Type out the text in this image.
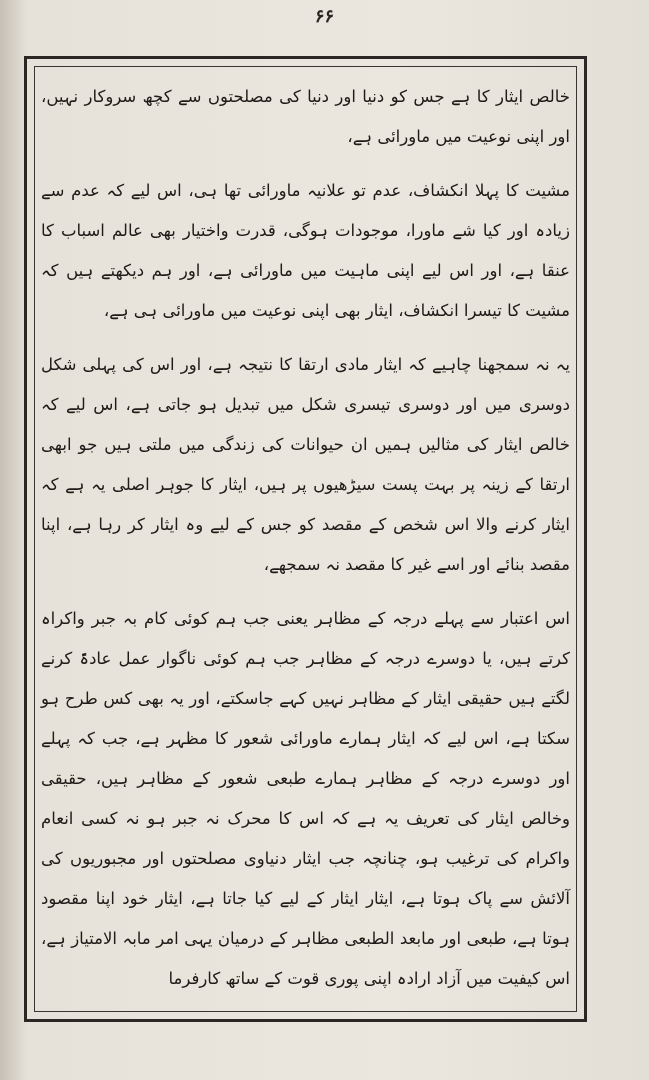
۶۶

خالص ایثار کا ہے جس کو دنیا اور دنیا کی مصلحتوں سے کچھ سروکار نہیں، اور اپنی نوعیت میں ماورائی ہے،

مشیت کا پہلا انکشاف، عدم تو علانیہ ماورائی تھا ہی، اس لیے کہ عدم سے زیادہ اور کیا شے ماورا، موجودات ہوگی، قدرت واختیار بھی عالم اسباب کا عنقا ہے، اور اس لیے اپنی ماہیت میں ماورائی ہے، اور ہم دیکھتے ہیں کہ مشیت کا تیسرا انکشاف، ایثار بھی اپنی نوعیت میں ماورائی ہی ہے،

یہ نہ سمجھنا چاہیے کہ ایثار مادی ارتقا کا نتیجہ ہے، اور اس کی پہلی شکل دوسری میں اور دوسری تیسری شکل میں تبدیل ہو جاتی ہے، اس لیے کہ خالص ایثار کی مثالیں ہمیں ان حیوانات کی زندگی میں ملتی ہیں جو ابھی ارتقا کے زینہ پر بہت پست سیڑھیوں پر ہیں، ایثار کا جوہر اصلی یہ ہے کہ ایثار کرنے والا اس شخص کے مقصد کو جس کے لیے وہ ایثار کر رہا ہے، اپنا مقصد بنائے اور اسے غیر کا مقصد نہ سمجھے،

اس اعتبار سے پہلے درجہ کے مظاہر یعنی جب ہم کوئی کام بہ جبر واکراہ کرتے ہیں، یا دوسرے درجہ کے مظاہر جب ہم کوئی ناگوار عمل عادۃً کرنے لگتے ہیں حقیقی ایثار کے مظاہر نہیں کہے جاسکتے، اور یہ بھی کس طرح ہو سکتا ہے، اس لیے کہ ایثار ہمارے ماورائی شعور کا مظہر ہے، جب کہ پہلے اور دوسرے درجہ کے مظاہر ہمارے طبعی شعور کے مظاہر ہیں، حقیقی وخالص ایثار کی تعریف یہ ہے کہ اس کا محرک نہ جبر ہو نہ کسی انعام واکرام کی ترغیب ہو، چنانچہ جب ایثار دنیاوی مصلحتوں اور مجبوریوں کی آلائش سے پاک ہوتا ہے، ایثار ایثار کے لیے کیا جاتا ہے، ایثار خود اپنا مقصود ہوتا ہے، طبعی اور مابعد الطبعی مظاہر کے درمیان یہی امر مابہ الامتیاز ہے، اس کیفیت میں آزاد ارادہ اپنی پوری قوت کے ساتھ کارفرما
